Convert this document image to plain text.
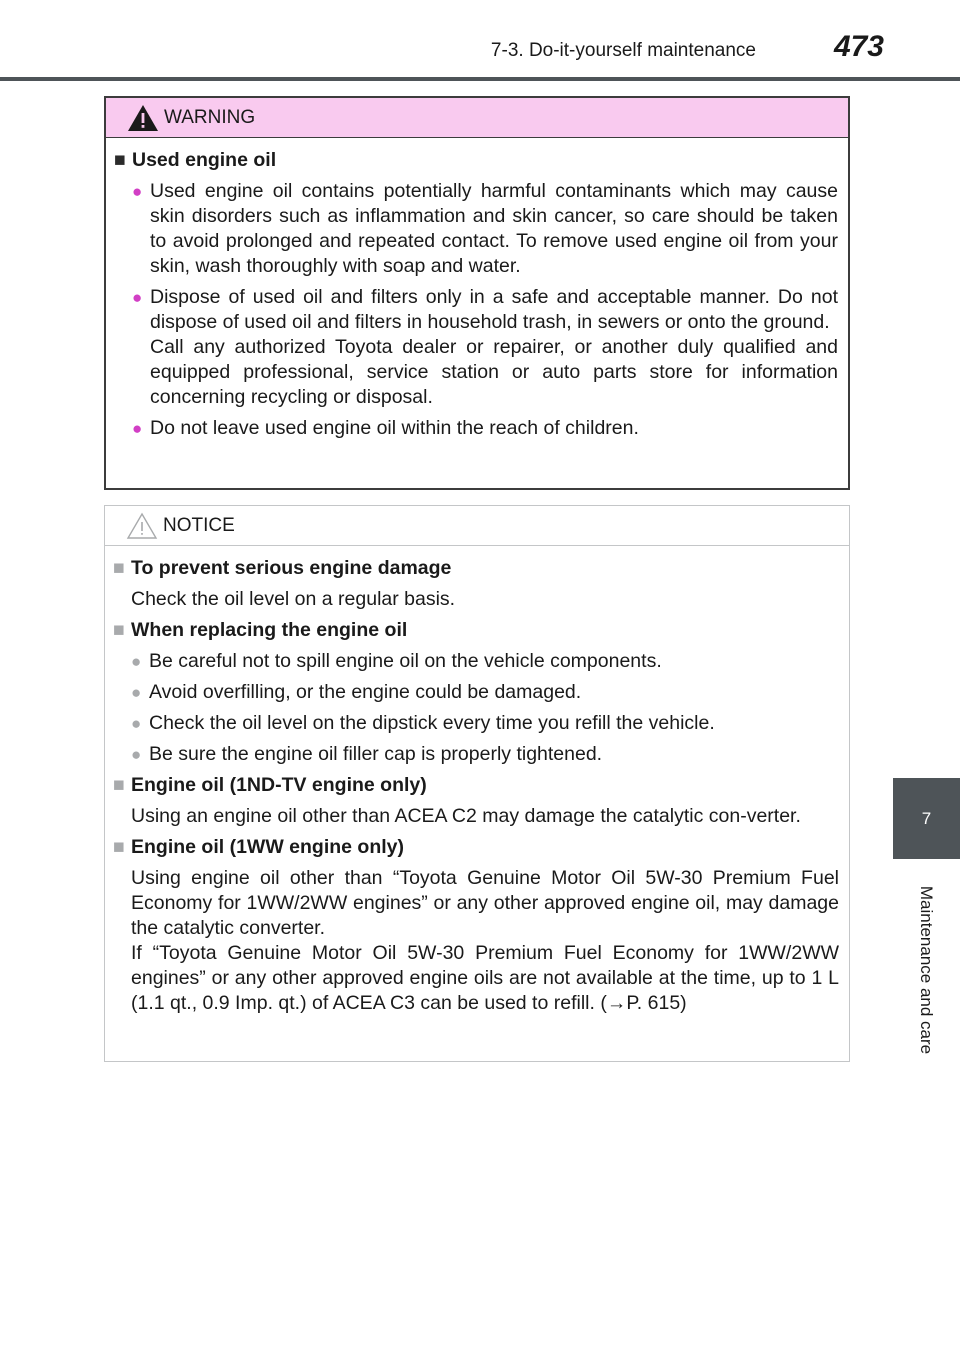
7-3. Do-it-yourself maintenance	473
7
Maintenance and care
WARNING
■ Used engine oil
● Used engine oil contains potentially harmful contaminants which may cause skin disorders such as inflammation and skin cancer, so care should be taken to avoid prolonged and repeated contact. To remove used engine oil from your skin, wash thoroughly with soap and water.
● Dispose of used oil and filters only in a safe and acceptable manner. Do not dispose of used oil and filters in household trash, in sewers or onto the ground.
Call any authorized Toyota dealer or repairer, or another duly qualified and equipped professional, service station or auto parts store for information concerning recycling or disposal.
● Do not leave used engine oil within the reach of children.
NOTICE
■ To prevent serious engine damage
Check the oil level on a regular basis.
■ When replacing the engine oil
● Be careful not to spill engine oil on the vehicle components.
● Avoid overfilling, or the engine could be damaged.
● Check the oil level on the dipstick every time you refill the vehicle.
● Be sure the engine oil filler cap is properly tightened.
■ Engine oil (1ND-TV engine only)
Using an engine oil other than ACEA C2 may damage the catalytic con-verter.
■ Engine oil (1WW engine only)
Using engine oil other than “Toyota Genuine Motor Oil 5W-30 Premium Fuel Economy for 1WW/2WW engines” or any other approved engine oil, may damage the catalytic converter.
If “Toyota Genuine Motor Oil 5W-30 Premium Fuel Economy for 1WW/2WW engines” or any other approved engine oils are not available at the time, up to 1 L (1.1 qt., 0.9 Imp. qt.) of ACEA C3 can be used to refill. (→P. 615)
